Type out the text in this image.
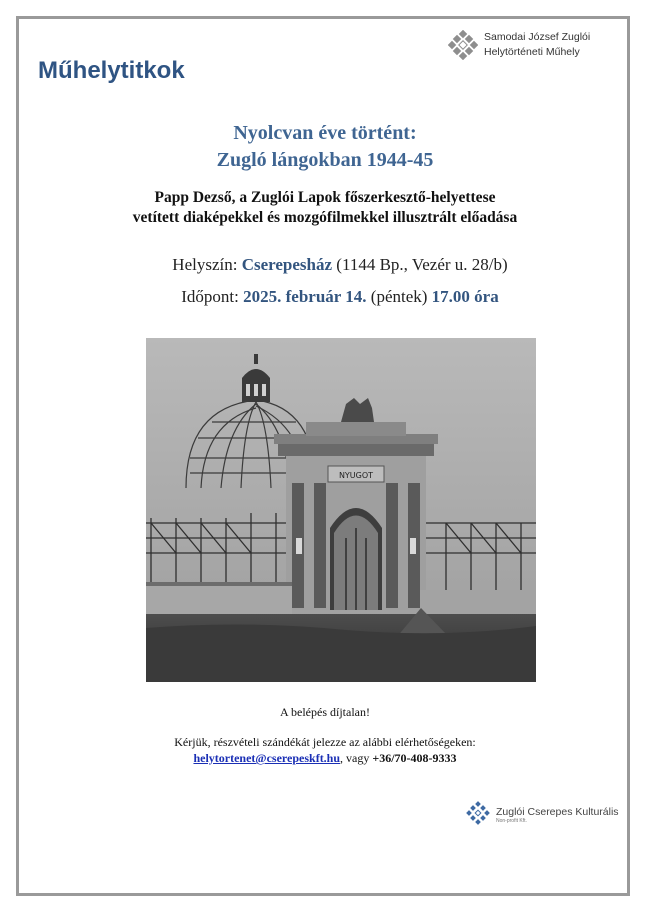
Műhelytitkok
Samodai József Zuglói
Helytörténeti Műhely
Nyolcvan éve történt:
Zugló lángokban 1944-45
Papp Dezső, a Zuglói Lapok főszerkesztő-helyettese
vetített diaképekkel és mozgófilmekkel illusztrált előadása
Helyszín: Cserepesház (1144 Bp., Vezér u. 28/b)
Időpont: 2025. február 14. (péntek) 17.00 óra
NYUGOT
A belépés díjtalan!
Kérjük, részvételi szándékát jelezze az alábbi elérhetőségeken:
helytortenet@cserepeskft.hu, vagy +36/70-408-9333
Zuglói Cserepes Kulturális
Non-profit Kft.
